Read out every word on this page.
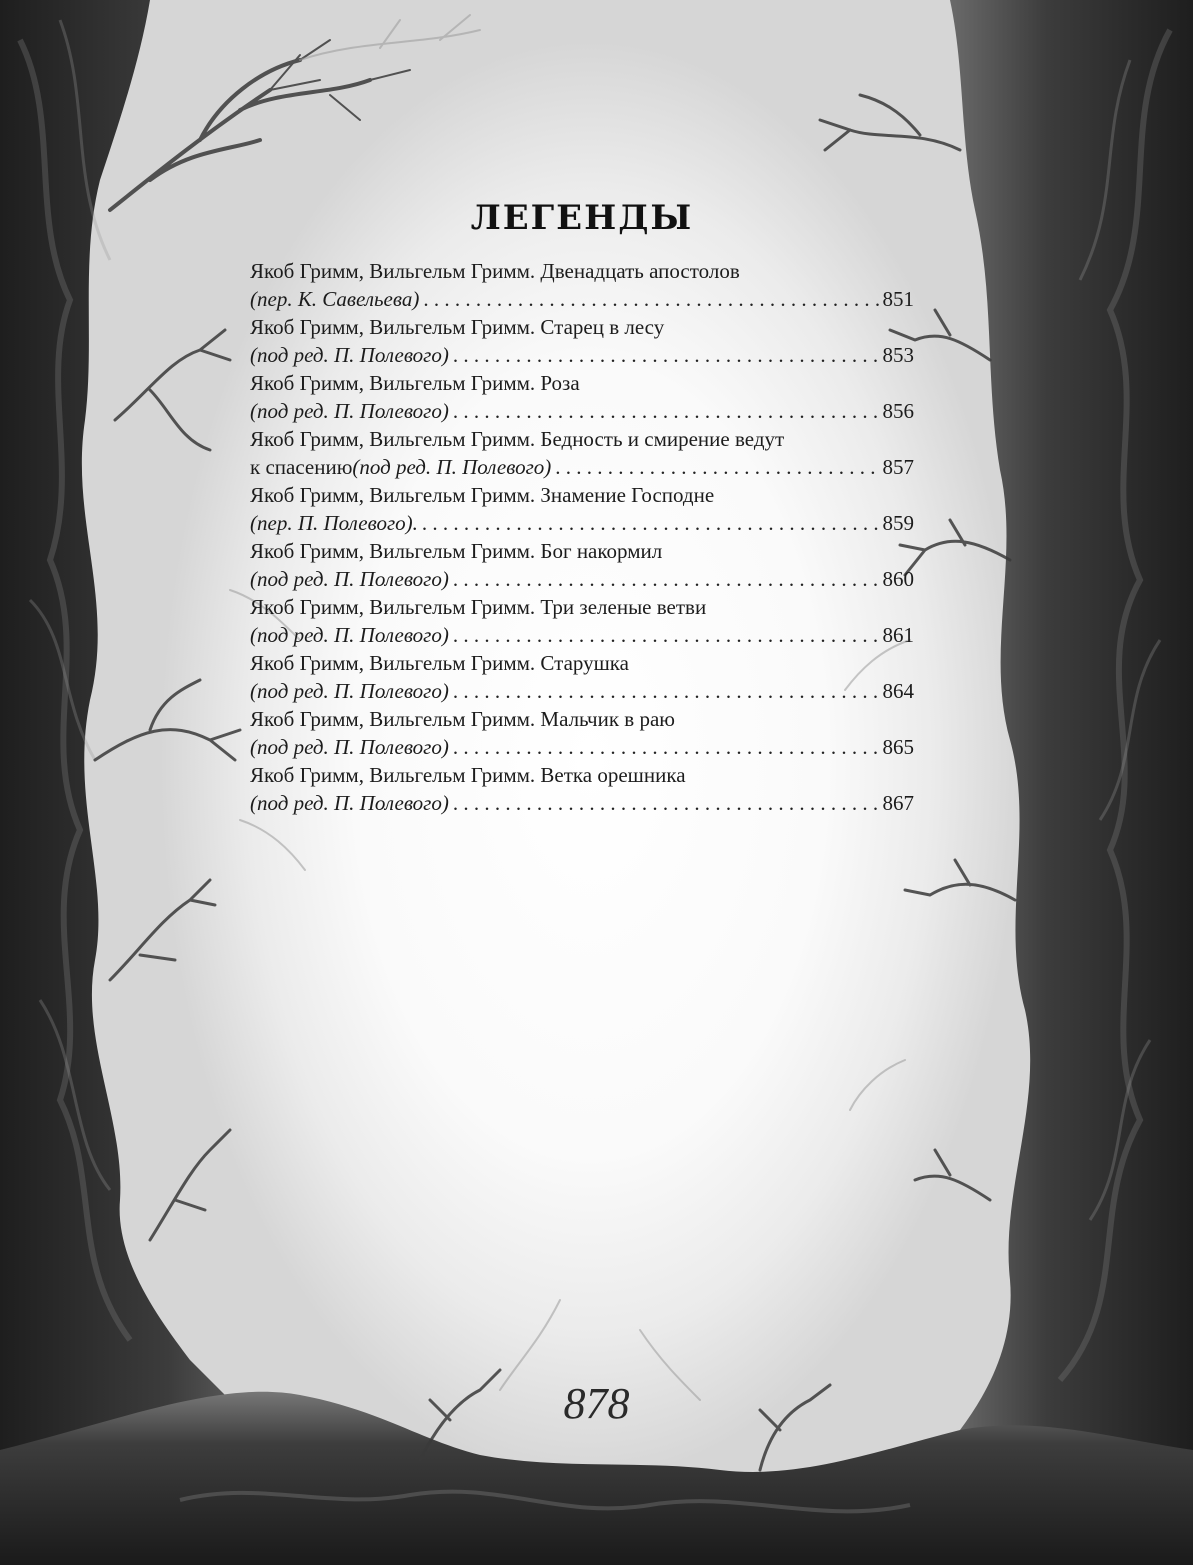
ЛЕГЕНДЫ
Якоб Гримм, Вильгельм Гримм. Двенадцать апостолов
(пер. К. Савельева) . . .	851
Якоб Гримм, Вильгельм Гримм. Старец в лесу
(под ред. П. Полевого) . . .	853
Якоб Гримм, Вильгельм Гримм. Роза
(под ред. П. Полевого) . . .	856
Якоб Гримм, Вильгельм Гримм. Бедность и смирение ведут
к спасению (под ред. П. Полевого) . . .	857
Якоб Гримм, Вильгельм Гримм. Знамение Господне
(пер. П. Полевого). . . .	859
Якоб Гримм, Вильгельм Гримм. Бог накормил
(под ред. П. Полевого) . . .	860
Якоб Гримм, Вильгельм Гримм. Три зеленые ветви
(под ред. П. Полевого) . . .	861
Якоб Гримм, Вильгельм Гримм. Старушка
(под ред. П. Полевого) . . .	864
Якоб Гримм, Вильгельм Гримм. Мальчик в раю
(под ред. П. Полевого) . . .	865
Якоб Гримм, Вильгельм Гримм. Ветка орешника
(под ред. П. Полевого) . . .	867
878
